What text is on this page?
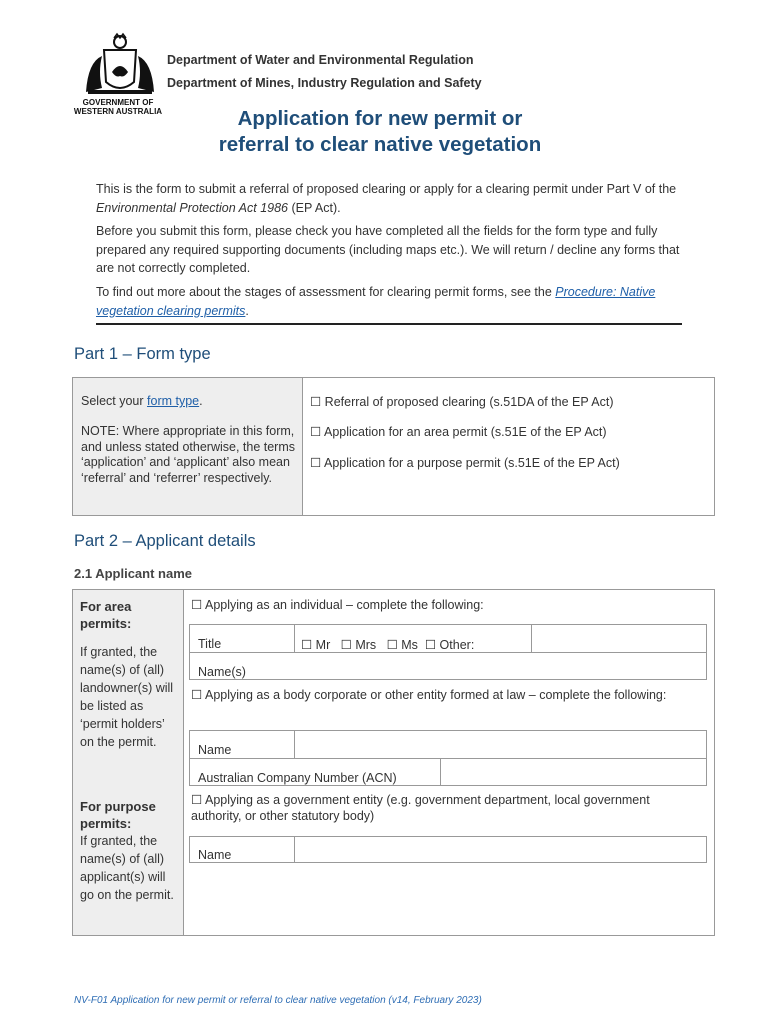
GOVERNMENT OF
WESTERN AUSTRALIA
Department of Water and Environmental Regulation
Department of Mines, Industry Regulation and Safety
Application for new permit or
referral to clear native vegetation
This is the form to submit a referral of proposed clearing or apply for a clearing permit under Part V of the Environmental Protection Act 1986 (EP Act).
Before you submit this form, please check you have completed all the fields for the form type and fully prepared any required supporting documents (including maps etc.). We will return / decline any forms that are not correctly completed.
To find out more about the stages of assessment for clearing permit forms, see the Procedure: Native vegetation clearing permits.
Part 1 – Form type
Select your form type.
NOTE: Where appropriate in this form, and unless stated otherwise, the terms ‘application’ and ‘applicant’ also mean ‘referral’ and ‘referrer’ respectively.
☐ Referral of proposed clearing (s.51DA of the EP Act)
☐ Application for an area permit (s.51E of the EP Act)
☐ Application for a purpose permit (s.51E of the EP Act)
Part 2 – Applicant details
2.1 Applicant name
For area permits:
If granted, the name(s) of (all) landowner(s) will be listed as ‘permit holders’ on the permit.
For purpose permits:
If granted, the name(s) of (all) applicant(s) will go on the permit.
☐ Applying as an individual – complete the following:
Title	☐ Mr   ☐ Mrs   ☐ Ms  ☐ Other:
Name(s)
☐ Applying as a body corporate or other entity formed at law – complete the following:
Name
Australian Company Number (ACN)
☐ Applying as a government entity (e.g. government department, local government authority, or other statutory body)
Name
NV-F01 Application for new permit or referral to clear native vegetation (v14, February 2023)
